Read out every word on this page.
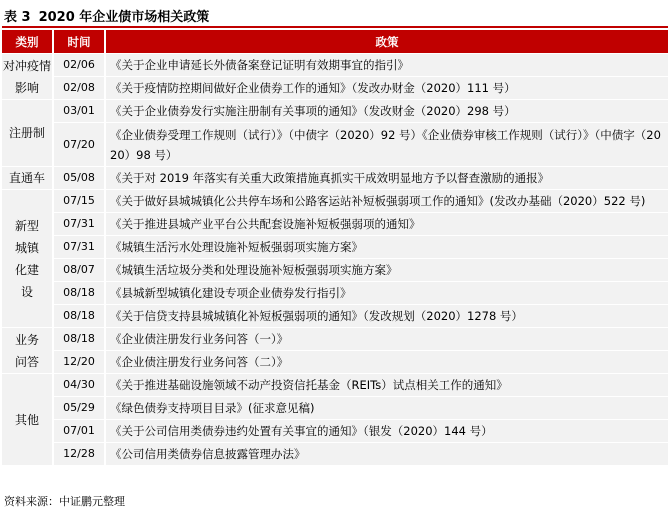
表 3 2020 年企业债市场相关政策
类别	时间	政策
对冲疫情影响	02/06	《关于企业申请延长外债备案登记证明有效期事宜的指引》
	02/08	《关于疫情防控期间做好企业债券工作的通知》（发改办财金（2020）111 号）
注册制	03/01	《关于企业债券发行实施注册制有关事项的通知》（发改财金（2020）298 号）
	07/20	《企业债券受理工作规则（试行）》（中债字（2020）92 号）《企业债券审核工作规则（试行）》（中债字（2020）98 号）
直通车	05/08	《关于对 2019 年落实有关重大政策措施真抓实干成效明显地方予以督查激励的通报》
新型城镇化建设	07/15	《关于做好县城城镇化公共停车场和公路客运站补短板强弱项工作的通知》(发改办基础（2020）522 号)
	07/31	《关于推进县城产业平台公共配套设施补短板强弱项的通知》
	07/31	《城镇生活污水处理设施补短板强弱项实施方案》
	08/07	《城镇生活垃圾分类和处理设施补短板强弱项实施方案》
	08/18	《县城新型城镇化建设专项企业债券发行指引》
	08/18	《关于信贷支持县城城镇化补短板强弱项的通知》（发改规划（2020）1278 号）
业务问答	08/18	《企业债注册发行业务问答（一）》
	12/20	《企业债注册发行业务问答（二）》
其他	04/30	《关于推进基础设施领域不动产投资信托基金（REITs）试点相关工作的通知》
	05/29	《绿色债券支持项目目录》(征求意见稿)
	07/01	《关于公司信用类债券违约处置有关事宜的通知》（银发（2020）144 号）
	12/28	《公司信用类债券信息披露管理办法》
资料来源：中证鹏元整理
